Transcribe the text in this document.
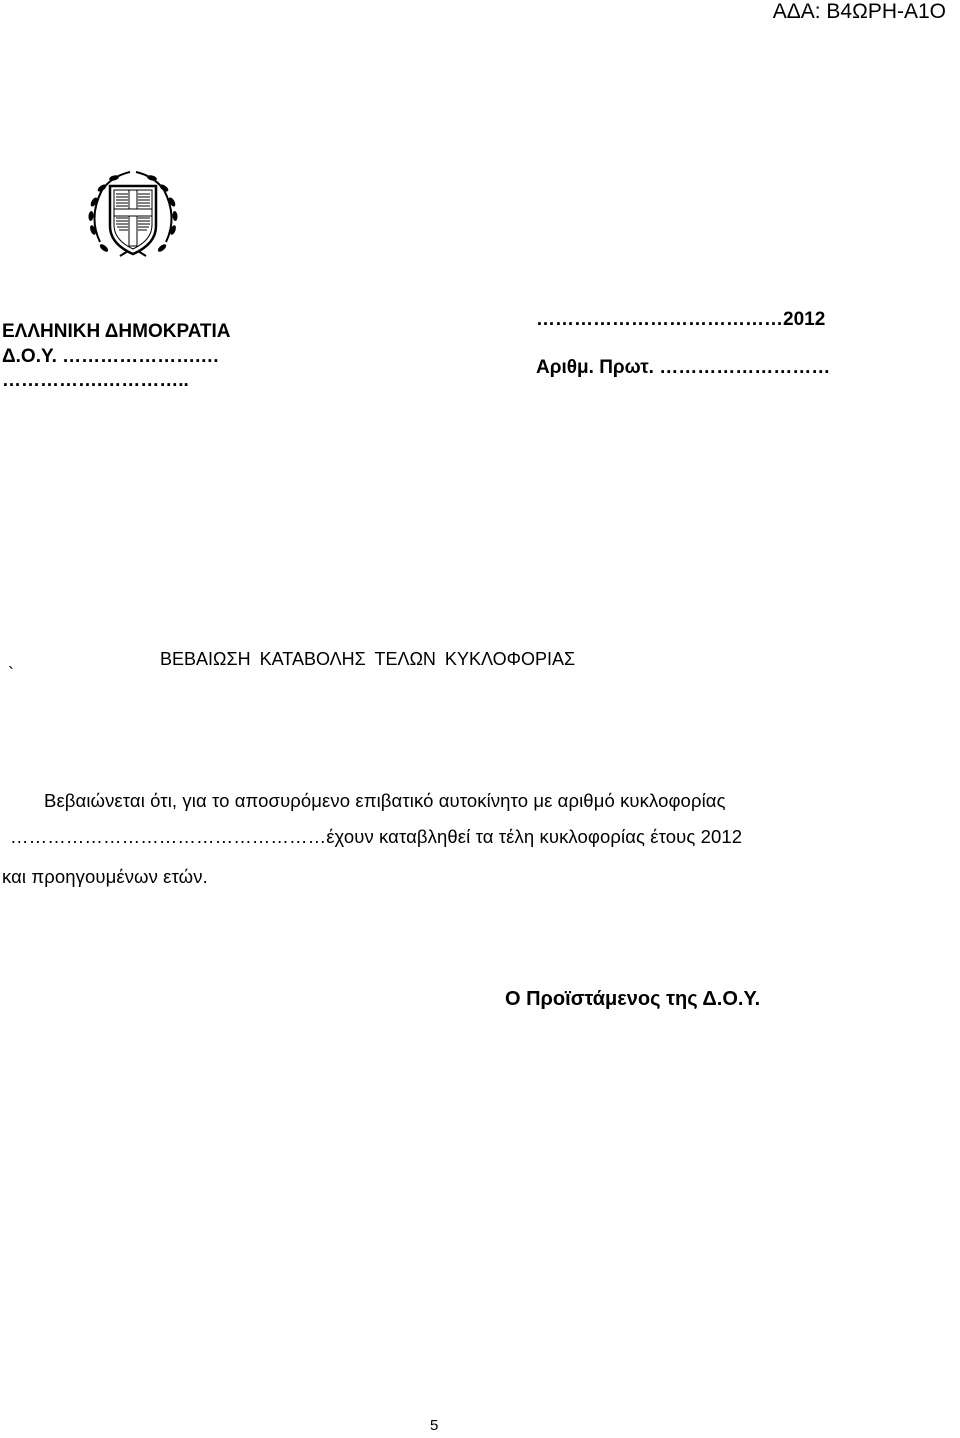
ΑΔΑ: Β4ΩΡΗ-Α1Ο
ΕΛΛΗΝΙΚΗ ΔΗΜΟΚΡΑΤΙΑ
Δ.Ο.Υ. ………………….…
…………….…………..
…………………………………2012
Αριθμ. Πρωτ. ………………………
`
ΒΕΒΑΙΩΣΗ ΚΑΤΑΒΟΛΗΣ ΤΕΛΩΝ ΚΥΚΛΟΦΟΡΙΑΣ
Βεβαιώνεται ότι, για το αποσυρόμενο επιβατικό αυτοκίνητο με αριθμό κυκλοφορίας
……………………………………………έχουν καταβληθεί τα τέλη κυκλοφορίας έτους 2012
και προηγουμένων ετών.
Ο Προϊστάμενος της Δ.Ο.Υ.
5
